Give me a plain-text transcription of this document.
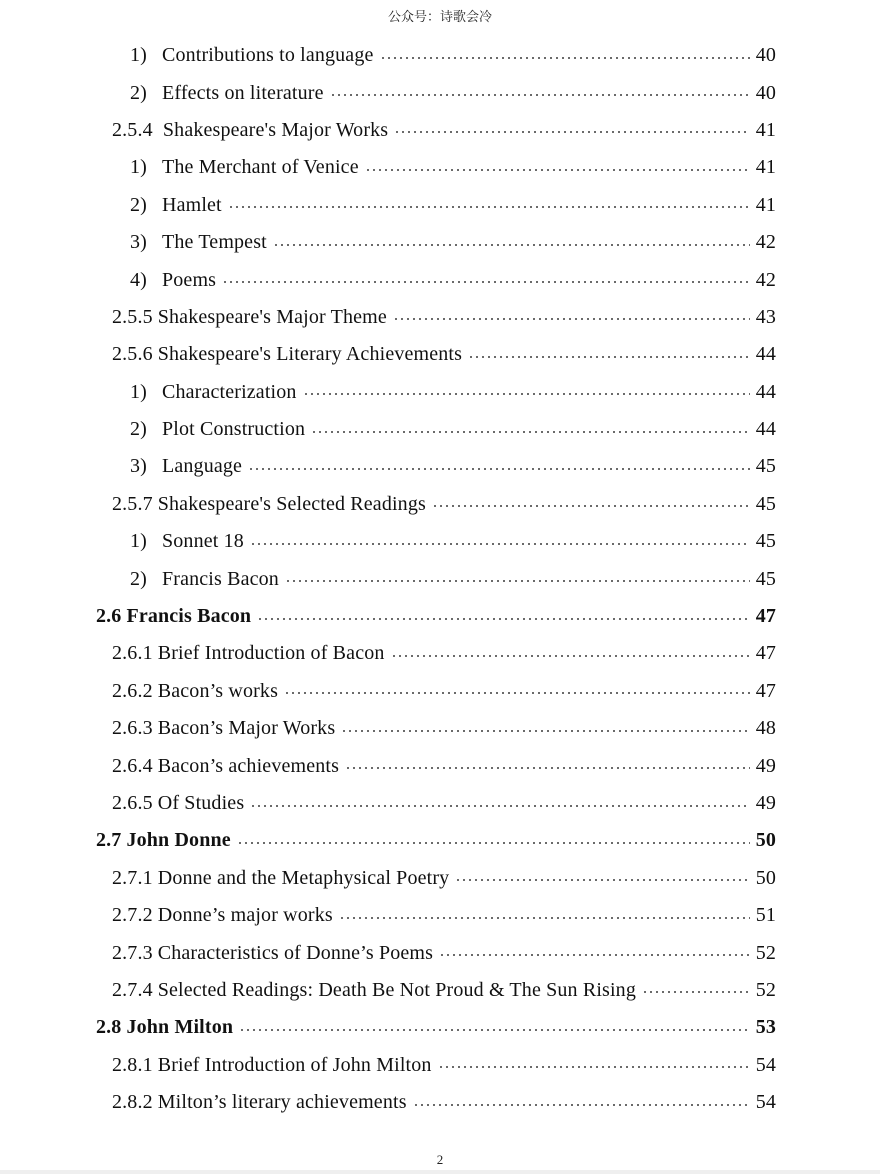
公众号：诗歌会冷
1) Contributions to language	40
2) Effects on literature	40
2.5.4 Shakespeare's Major Works	41
1) The Merchant of Venice	41
2) Hamlet	41
3) The Tempest	42
4) Poems	42
2.5.5 Shakespeare's Major Theme	43
2.5.6 Shakespeare's Literary Achievements	44
1) Characterization	44
2) Plot Construction	44
3) Language	45
2.5.7 Shakespeare's Selected Readings	45
1) Sonnet 18	45
2) Francis Bacon	45
2.6 Francis Bacon	47
2.6.1 Brief Introduction of Bacon	47
2.6.2 Bacon’s works	47
2.6.3 Bacon’s Major Works	48
2.6.4 Bacon’s achievements	49
2.6.5 Of Studies	49
2.7 John Donne	50
2.7.1 Donne and the Metaphysical Poetry	50
2.7.2 Donne’s major works	51
2.7.3 Characteristics of Donne’s Poems	52
2.7.4 Selected Readings: Death Be Not Proud & The Sun Rising	52
2.8 John Milton	53
2.8.1 Brief Introduction of John Milton	54
2.8.2 Milton’s literary achievements	54
2
